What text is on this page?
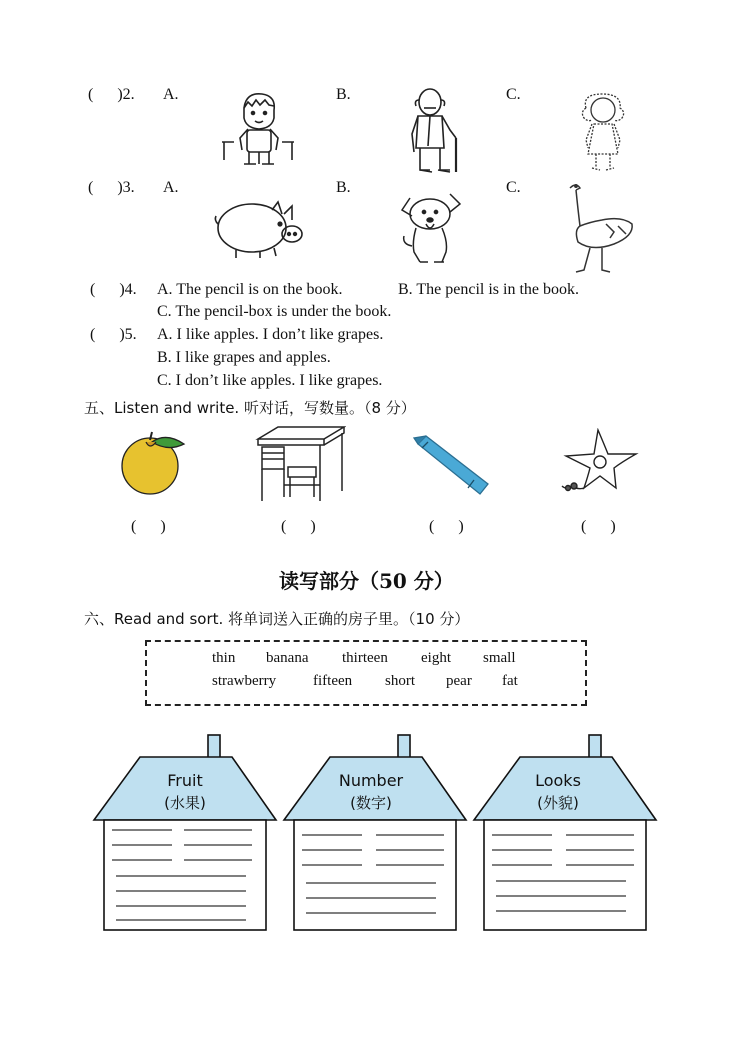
(      )2. A.	B.	C.
(      )3. A.	B.	C.
(      )4. A. The pencil is on the book.	B. The pencil is in the book.
C. The pencil-box is under the book.
(      )5. A. I like apples. I don’t like grapes.
B. I like grapes and apples.
C. I don’t like apples. I like grapes.
五、Listen and write. 听对话，写数量。（8 分）
(      )	(      )	(      )	(      )
读写部分（50 分）
六、Read and sort. 将单词送入正确的房子里。（10 分）
thin banana thirteen eight small
strawberry fifteen short pear fat
Fruit
(水果)
Number
(数字)
Looks
(外貌)
